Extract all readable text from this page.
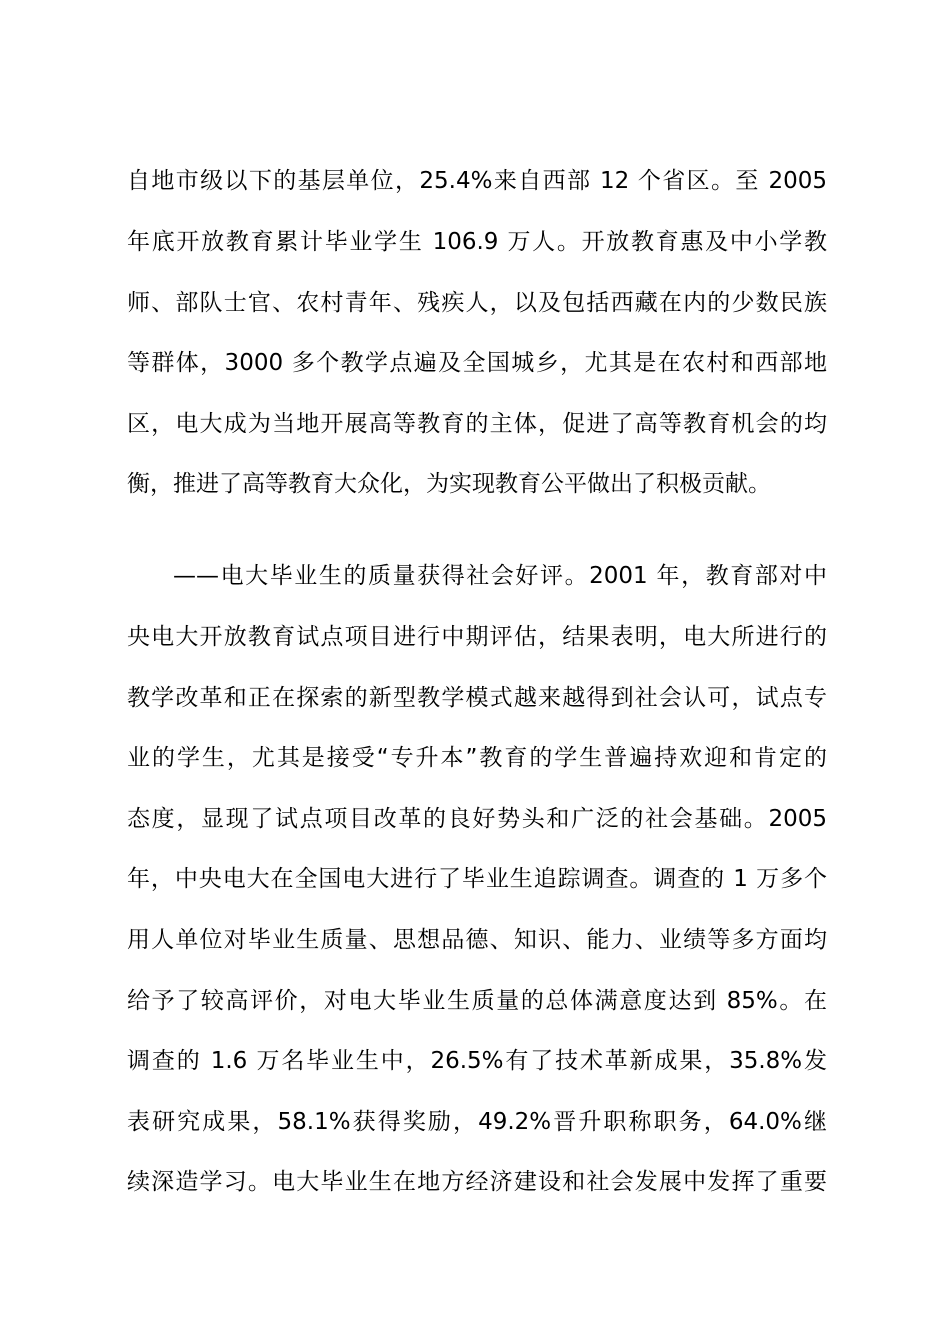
自地市级以下的基层单位，25.4%来自西部 12 个省区。至 2005
年底开放教育累计毕业学生 106.9 万人。开放教育惠及中小学教
师、部队士官、农村青年、残疾人，以及包括西藏在内的少数民族
等群体，3000 多个教学点遍及全国城乡，尤其是在农村和西部地
区，电大成为当地开展高等教育的主体，促进了高等教育机会的均
衡，推进了高等教育大众化，为实现教育公平做出了积极贡献。
——电大毕业生的质量获得社会好评。2001 年，教育部对中
央电大开放教育试点项目进行中期评估，结果表明，电大所进行的
教学改革和正在探索的新型教学模式越来越得到社会认可，试点专
业的学生，尤其是接受“专升本”教育的学生普遍持欢迎和肯定的
态度，显现了试点项目改革的良好势头和广泛的社会基础。2005
年，中央电大在全国电大进行了毕业生追踪调查。调查的 1 万多个
用人单位对毕业生质量、思想品德、知识、能力、业绩等多方面均
给予了较高评价，对电大毕业生质量的总体满意度达到 85%。在
调查的 1.6 万名毕业生中，26.5%有了技术革新成果，35.8%发
表研究成果，58.1%获得奖励，49.2%晋升职称职务，64.0%继
续深造学习。电大毕业生在地方经济建设和社会发展中发挥了重要
